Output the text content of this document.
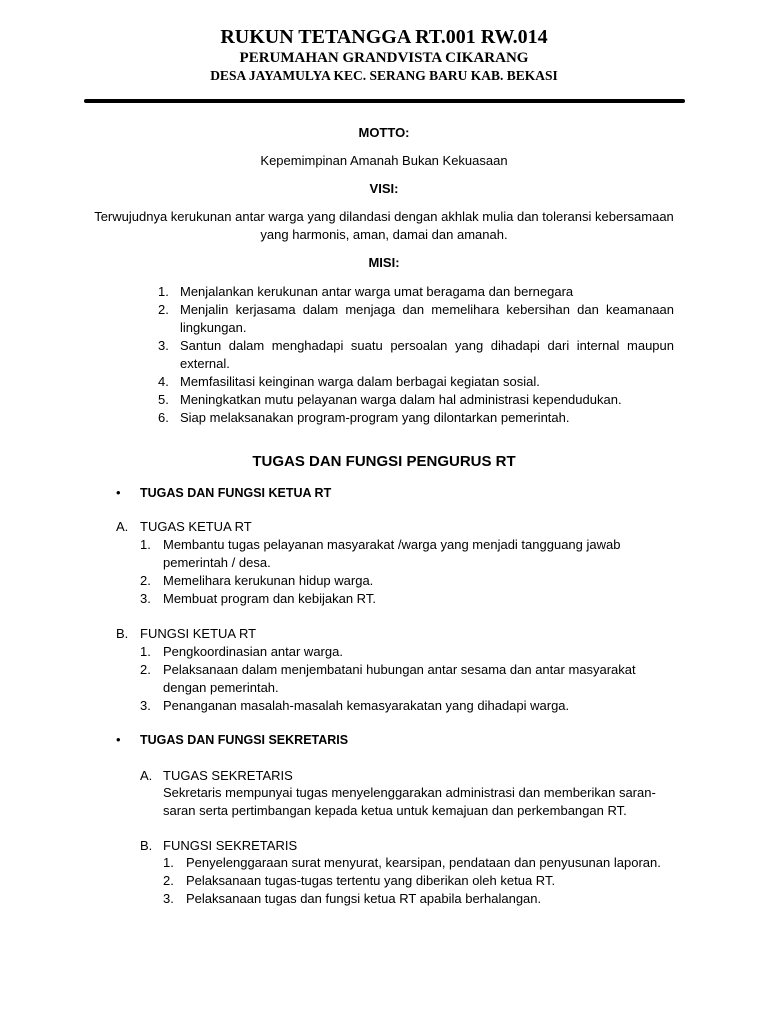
RUKUN TETANGGA RT.001 RW.014
PERUMAHAN GRANDVISTA CIKARANG
DESA JAYAMULYA KEC. SERANG BARU KAB. BEKASI
MOTTO:
Kepemimpinan Amanah Bukan Kekuasaan
VISI:
Terwujudnya kerukunan antar warga yang dilandasi dengan akhlak mulia dan toleransi kebersamaan
yang harmonis, aman, damai dan amanah.
MISI:
1. Menjalankan kerukunan antar warga umat beragama dan bernegara
2. Menjalin kerjasama dalam menjaga dan memelihara kebersihan dan keamanaan lingkungan.
3. Santun dalam menghadapi suatu persoalan yang dihadapi dari internal maupun external.
4. Memfasilitasi keinginan warga dalam berbagai kegiatan sosial.
5. Meningkatkan mutu pelayanan warga dalam hal administrasi kependudukan.
6. Siap melaksanakan program-program yang dilontarkan pemerintah.
TUGAS DAN FUNGSI PENGURUS RT
• TUGAS DAN FUNGSI KETUA RT
A. TUGAS KETUA RT
1. Membantu tugas pelayanan masyarakat /warga yang menjadi tangguang jawab
pemerintah / desa.
2. Memelihara kerukunan hidup warga.
3. Membuat program dan kebijakan RT.
B. FUNGSI KETUA RT
1. Pengkoordinasian antar warga.
2. Pelaksanaan dalam menjembatani hubungan antar sesama dan antar masyarakat
dengan pemerintah.
3. Penanganan masalah-masalah kemasyarakatan yang dihadapi warga.
• TUGAS DAN FUNGSI SEKRETARIS
A. TUGAS SEKRETARIS
Sekretaris mempunyai tugas menyelenggarakan administrasi dan memberikan saran-
saran serta pertimbangan kepada ketua untuk kemajuan dan perkembangan RT.
B. FUNGSI SEKRETARIS
1. Penyelenggaraan surat menyurat, kearsipan, pendataan dan penyusunan laporan.
2. Pelaksanaan tugas-tugas tertentu yang diberikan oleh ketua RT.
3. Pelaksanaan tugas dan fungsi ketua RT apabila berhalangan.
